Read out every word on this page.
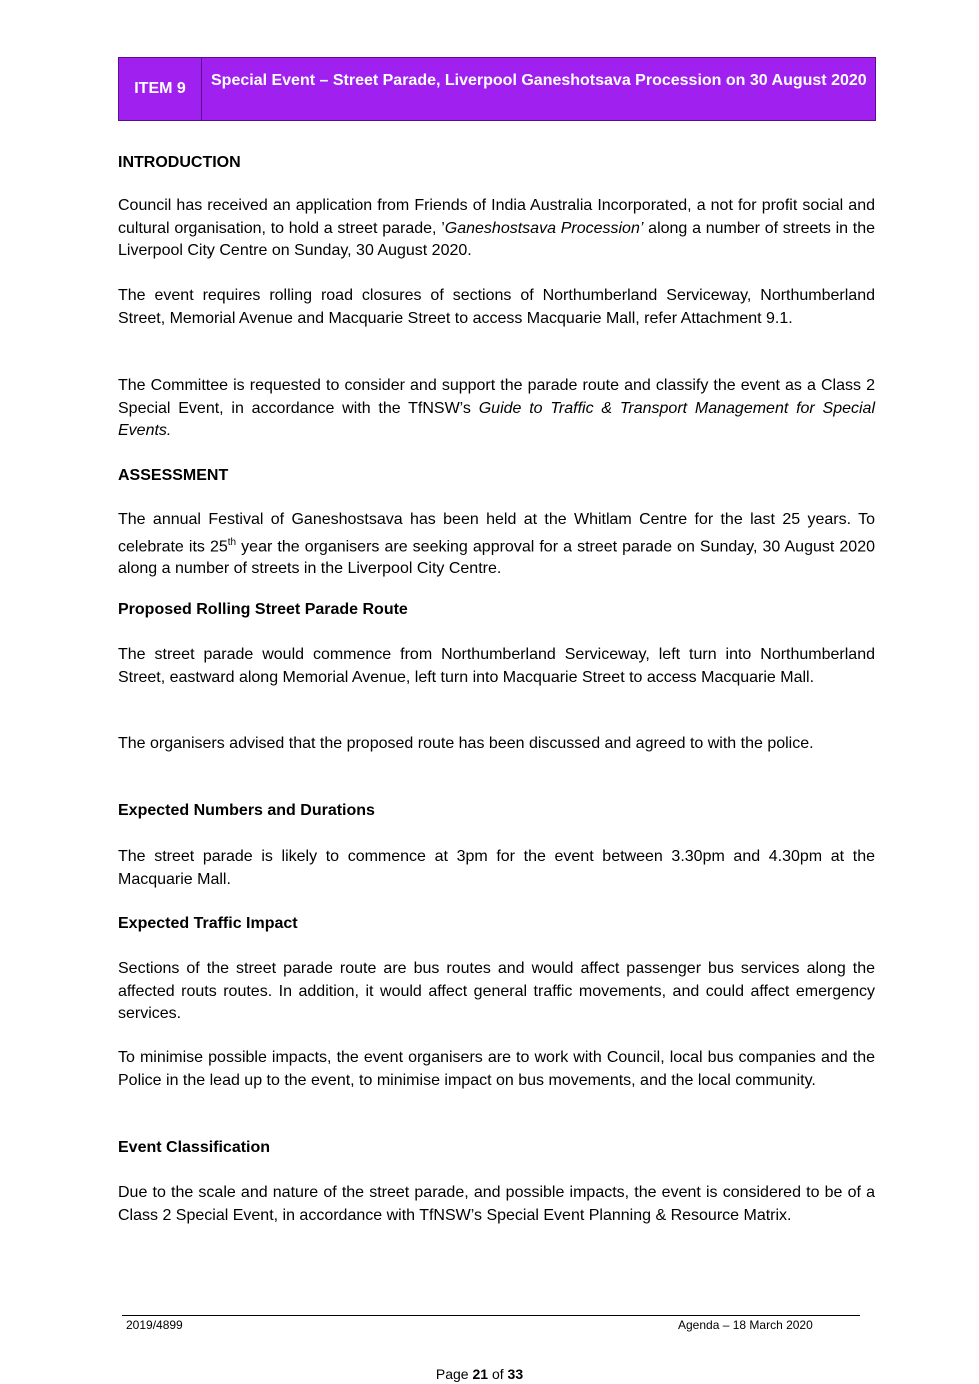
ITEM 9	Special Event – Street Parade, Liverpool Ganeshotsava Procession on 30 August 2020

INTRODUCTION

Council has received an application from Friends of India Australia Incorporated, a not for profit social and cultural organisation, to hold a street parade, ’Ganeshostsava Procession’ along a number of streets in the Liverpool City Centre on Sunday, 30 August 2020.

The event requires rolling road closures of sections of Northumberland Serviceway, Northumberland Street, Memorial Avenue and Macquarie Street to access Macquarie Mall, refer Attachment 9.1.

The Committee is requested to consider and support the parade route and classify the event as a Class 2 Special Event, in accordance with the TfNSW’s Guide to Traffic & Transport Management for Special Events.

ASSESSMENT

The annual Festival of Ganeshostsava has been held at the Whitlam Centre for the last 25 years. To celebrate its 25th year the organisers are seeking approval for a street parade on Sunday, 30 August 2020 along a number of streets in the Liverpool City Centre.

Proposed Rolling Street Parade Route

The street parade would commence from Northumberland Serviceway, left turn into Northumberland Street, eastward along Memorial Avenue, left turn into Macquarie Street to access Macquarie Mall.

The organisers advised that the proposed route has been discussed and agreed to with the police.

Expected Numbers and Durations

The street parade is likely to commence at 3pm for the event between 3.30pm and 4.30pm at the Macquarie Mall.

Expected Traffic Impact

Sections of the street parade route are bus routes and would affect passenger bus services along the affected routs routes. In addition, it would affect general traffic movements, and could affect emergency services.

To minimise possible impacts, the event organisers are to work with Council, local bus companies and the Police in the lead up to the event, to minimise impact on bus movements, and the local community.

Event Classification

Due to the scale and nature of the street parade, and possible impacts, the event is considered to be of a Class 2 Special Event, in accordance with TfNSW’s Special Event Planning & Resource Matrix.

2019/4899	Agenda – 18 March 2020
Page 21 of 33
